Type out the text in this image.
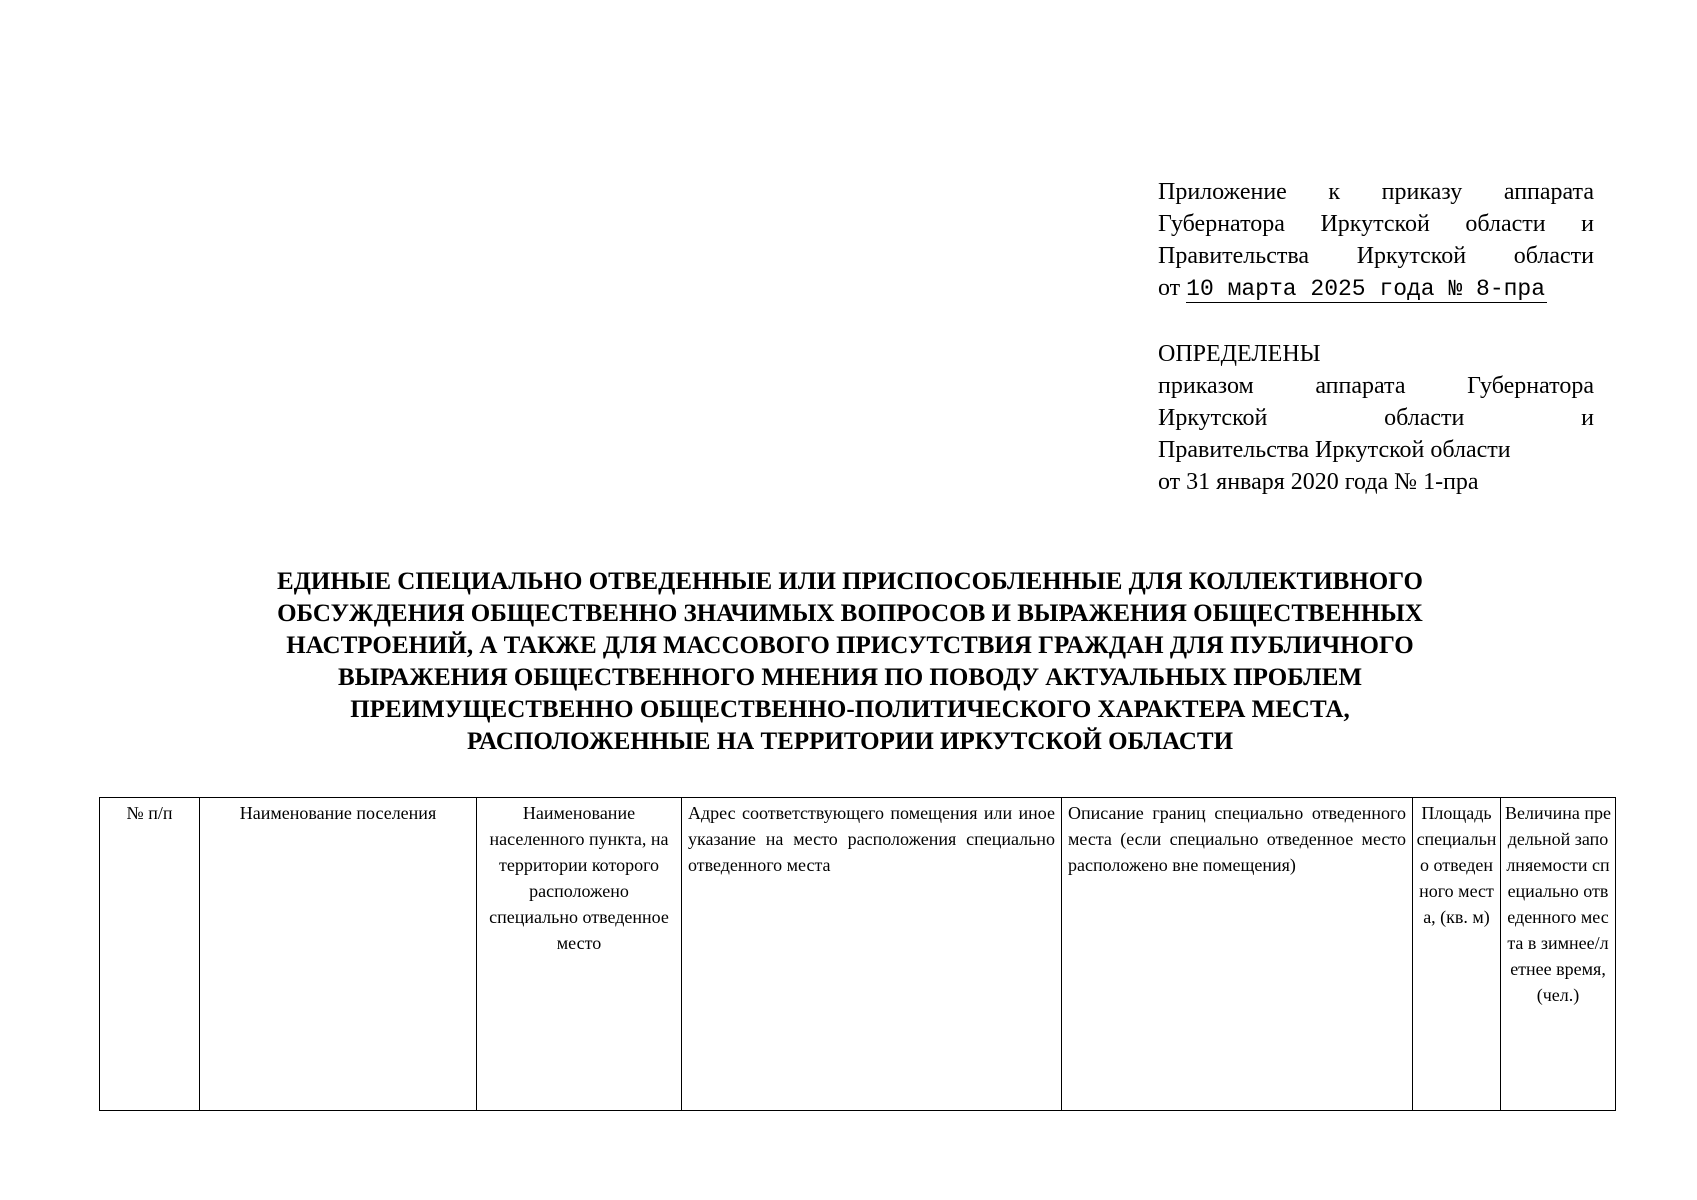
Приложение к приказу аппарата
Губернатора Иркутской области и
Правительства Иркутской области
от 10 марта 2025 года № 8-пра
ОПРЕДЕЛЕНЫ
приказом аппарата Губернатора
Иркутской области и
Правительства Иркутской области
от 31 января 2020 года № 1-пра
ЕДИНЫЕ СПЕЦИАЛЬНО ОТВЕДЕННЫЕ ИЛИ ПРИСПОСОБЛЕННЫЕ ДЛЯ КОЛЛЕКТИВНОГО
ОБСУЖДЕНИЯ ОБЩЕСТВЕННО ЗНАЧИМЫХ ВОПРОСОВ И ВЫРАЖЕНИЯ ОБЩЕСТВЕННЫХ
НАСТРОЕНИЙ, А ТАКЖЕ ДЛЯ МАССОВОГО ПРИСУТСТВИЯ ГРАЖДАН ДЛЯ ПУБЛИЧНОГО
ВЫРАЖЕНИЯ ОБЩЕСТВЕННОГО МНЕНИЯ ПО ПОВОДУ АКТУАЛЬНЫХ ПРОБЛЕМ
ПРЕИМУЩЕСТВЕННО ОБЩЕСТВЕННО-ПОЛИТИЧЕСКОГО ХАРАКТЕРА МЕСТА,
РАСПОЛОЖЕННЫЕ НА ТЕРРИТОРИИ ИРКУТСКОЙ ОБЛАСТИ
№ п/п	Наименование поселения	Наименование населенного пункта, на территории которого расположено специально отведенное место	Адрес соответствующего помещения или иное указание на место расположения специально отведенного места	Описание границ специально отведенного места (если специально отведенное место расположено вне помещения)	Площадь специально отведенного места, (кв. м)	Величина предельной заполняемости специально отведенного места в зимнее/летнее время, (чел.)
